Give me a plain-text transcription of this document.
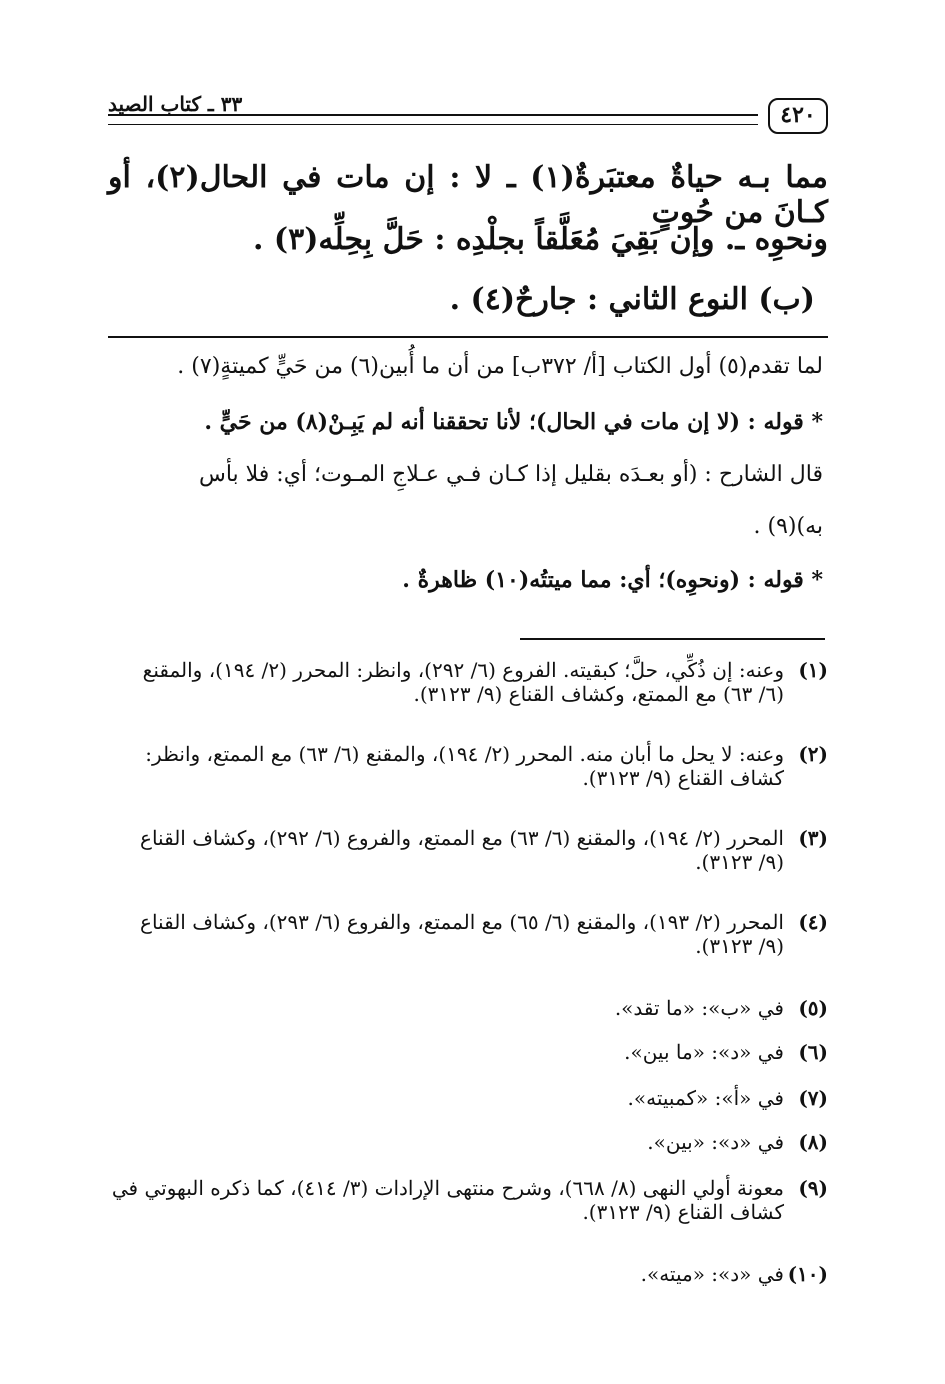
٤٢٠
٣٣ ـ كتاب الصيد
مما بـه حياةٌ معتبَرةٌ(١) ـ لا : إن مات في الحال(٢)، أو كـانَ من حُوتٍ
ونحوِه ـ. وإن بَقِيَ مُعَلَّقاً بجلْدِه : حَلَّ بِحِلِّه(٣) .
(ب) النوع الثاني : جارحٌ(٤) .
لما تقدم(٥) أول الكتاب [أ/ ٣٧٢ب] من أن ما أُبين(٦) من حَيٍّ كميتةٍ(٧) .
* قوله : (لا إن مات في الحال)؛ لأنا تحققنا أنه لم يَبِـنْ(٨) من حَيٍّ .
قال الشارح : (أو بعـدَه بقليل إذا كـان فـي عـلاجِ المـوت؛ أي: فلا بأس
به)(٩) .
* قوله : (ونحوِه)؛ أي: مما ميتتُه(١٠) ظاهرةٌ .
(١)وعنه: إن ذُكِّي، حلَّ؛ كبقيته. الفروع (٦/ ٢٩٢)، وانظر: المحرر (٢/ ١٩٤)، والمقنع
(٦/ ٦٣) مع الممتع، وكشاف القناع (٩/ ٣١٢٣).
(٢)وعنه: لا يحل ما أبان منه. المحرر (٢/ ١٩٤)، والمقنع (٦/ ٦٣) مع الممتع، وانظر:
كشاف القناع (٩/ ٣١٢٣).
(٣)المحرر (٢/ ١٩٤)، والمقنع (٦/ ٦٣) مع الممتع، والفروع (٦/ ٢٩٢)، وكشاف القناع
(٩/ ٣١٢٣).
(٤)المحرر (٢/ ١٩٣)، والمقنع (٦/ ٦٥) مع الممتع، والفروع (٦/ ٢٩٣)، وكشاف القناع
(٩/ ٣١٢٣).
(٥)في «ب»: «ما تقد».
(٦)في «د»: «ما بين».
(٧)في «أ»: «كمبيته».
(٨)في «د»: «بين».
(٩)معونة أولي النهى (٨/ ٦٦٨)، وشرح منتهى الإرادات (٣/ ٤١٤)، كما ذكره البهوتي في
كشاف القناع (٩/ ٣١٢٣).
(١٠)في «د»: «ميته».
